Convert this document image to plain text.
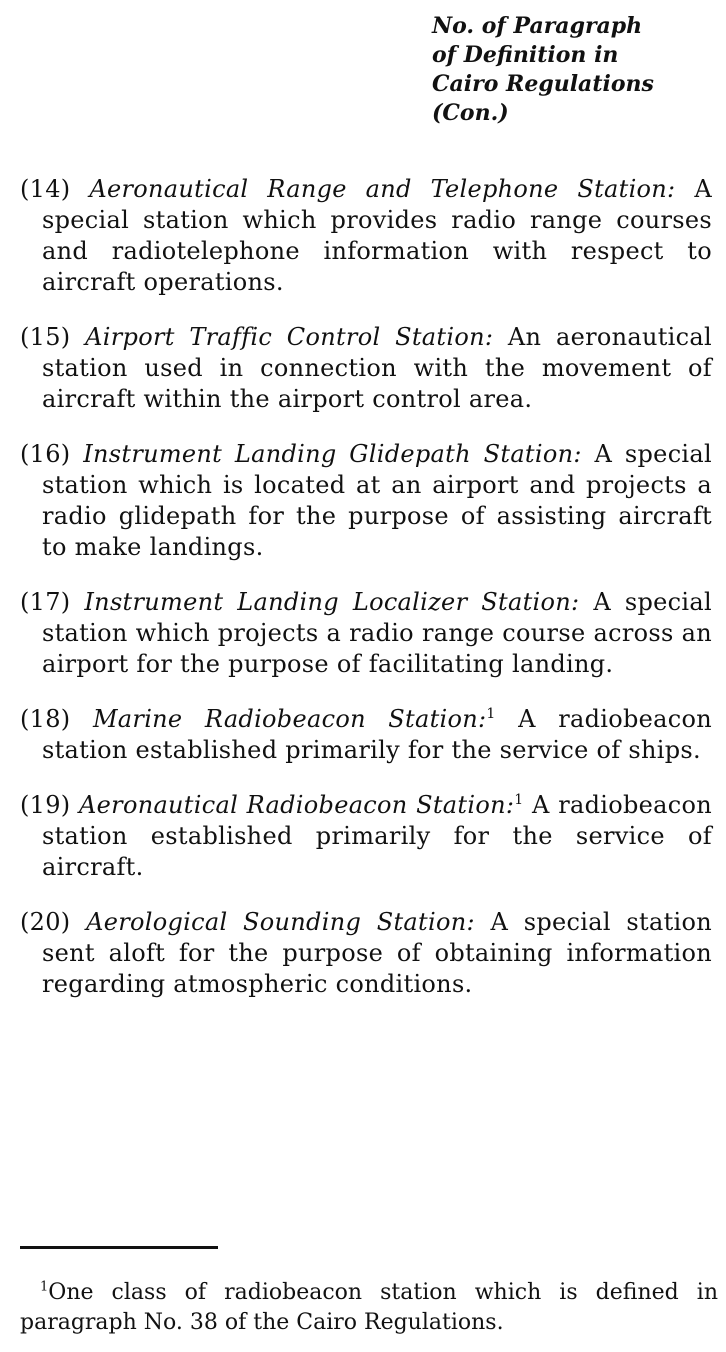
No. of Paragraph
of Definition in
Cairo Regulations
(Con.)

(14) Aeronautical Range and Telephone Station: A special station which provides radio range courses and radiotelephone information with respect to aircraft operations.

(15) Airport Traffic Control Station: An aeronautical station used in connection with the movement of aircraft within the airport control area.

(16) Instrument Landing Glidepath Station: A special station which is located at an airport and projects a radio glidepath for the purpose of assisting aircraft to make landings.

(17) Instrument Landing Localizer Station: A special station which projects a radio range course across an airport for the purpose of facilitating landing.

(18) Marine Radiobeacon Station:$^1$ A radiobeacon station established primarily for the service of ships.

(19) Aeronautical Radiobeacon Station:$^1$ A radiobeacon station established primarily for the service of aircraft.

(20) Aerological Sounding Station: A special station sent aloft for the purpose of obtaining information regarding atmospheric conditions.

$^1$One class of radiobeacon station which is defined in paragraph No. 38 of the Cairo Regulations.
